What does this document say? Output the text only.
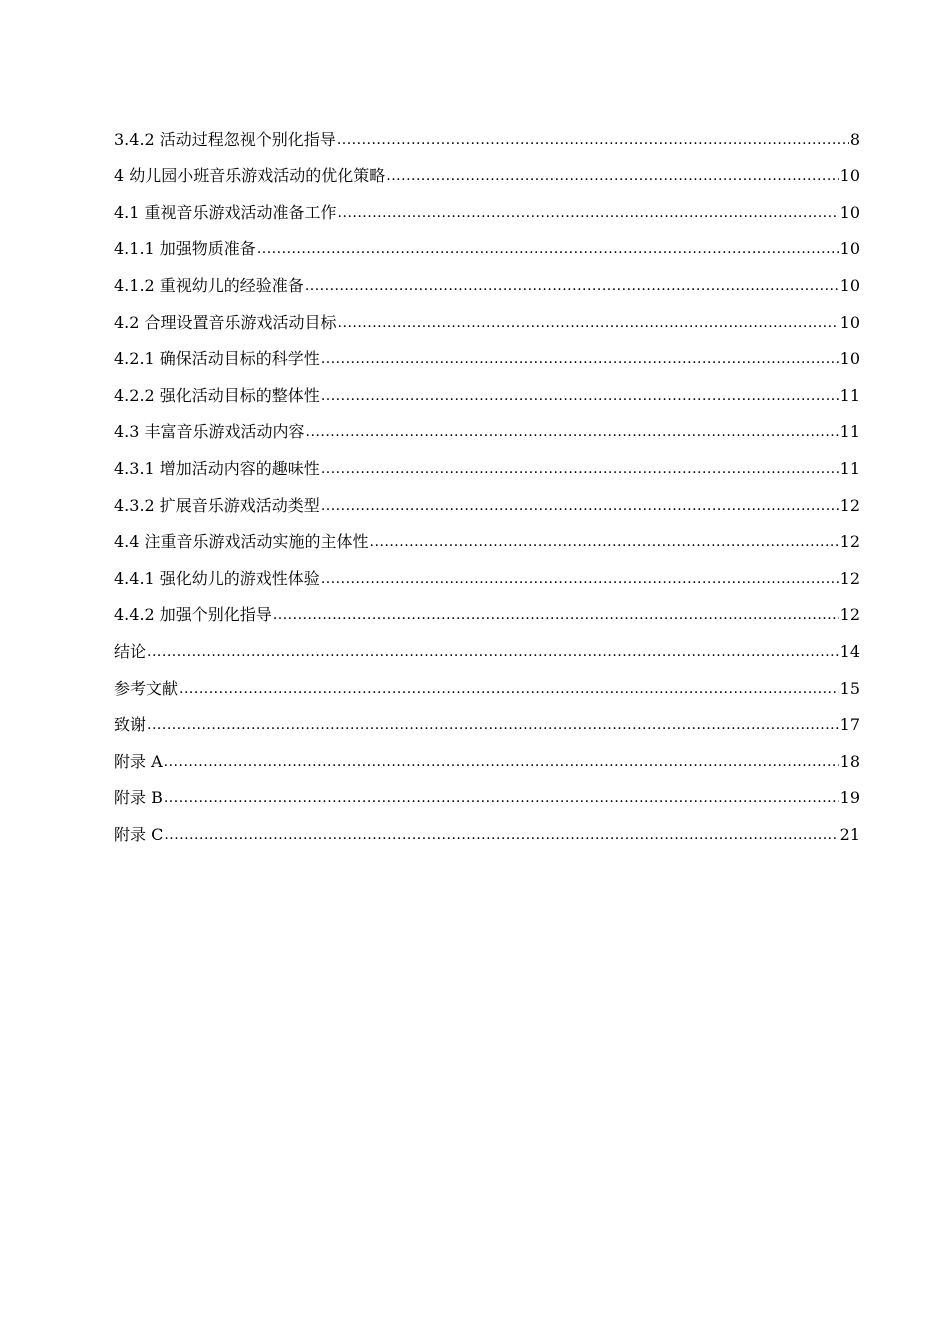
3.4.2 活动过程忽视个别化指导 .....	8
4 幼儿园小班音乐游戏活动的优化策略 .....	10
4.1 重视音乐游戏活动准备工作 .....	10
4.1.1 加强物质准备 .....	10
4.1.2 重视幼儿的经验准备 .....	10
4.2 合理设置音乐游戏活动目标 .....	10
4.2.1 确保活动目标的科学性 .....	10
4.2.2 强化活动目标的整体性 .....	11
4.3 丰富音乐游戏活动内容 .....	11
4.3.1 增加活动内容的趣味性 .....	11
4.3.2 扩展音乐游戏活动类型 .....	12
4.4 注重音乐游戏活动实施的主体性 .....	12
4.4.1 强化幼儿的游戏性体验 .....	12
4.4.2 加强个别化指导 .....	12
结论 .....	14
参考文献 .....	15
致谢 .....	17
附录 A .....	18
附录 B .....	19
附录 C .....	21
